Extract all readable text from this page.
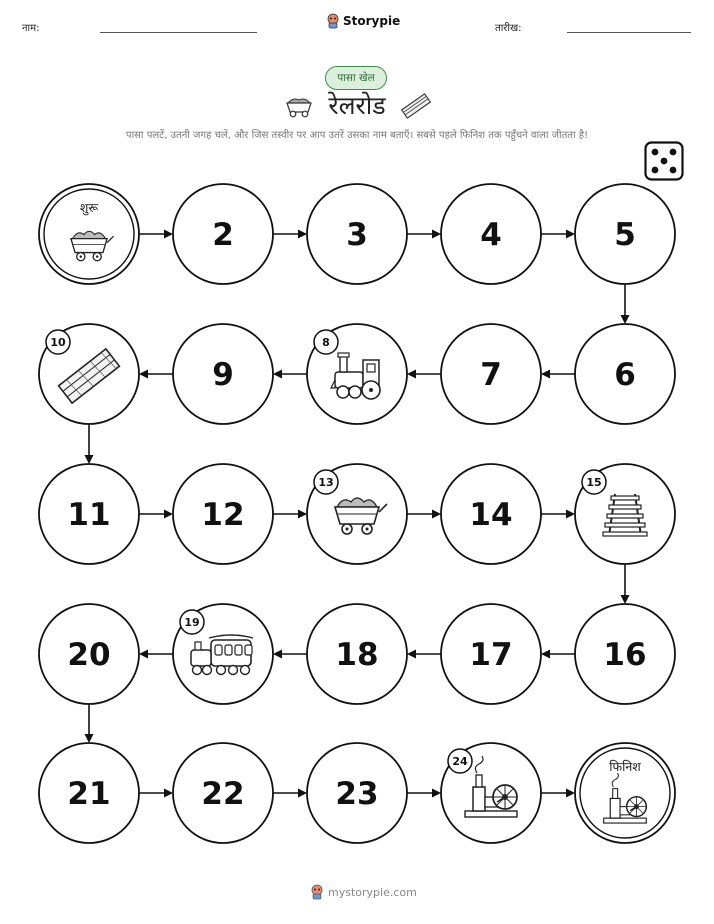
नाम:
Storypie
तारीख:
पासा खेल
रेलरोड
पासा पलटें, उतनी जगह चलें, और जिस तस्वीर पर आप उतरें उसका नाम बताएँ। सबसे पहले फिनिश तक पहुँचने वाला जीतता है!
शुरू
2	3	4	5
6
7
8
9
10
11	12
13
14
15
16
17
18
19
20
21	22	23
24	फिनिश
mystorypie.com
